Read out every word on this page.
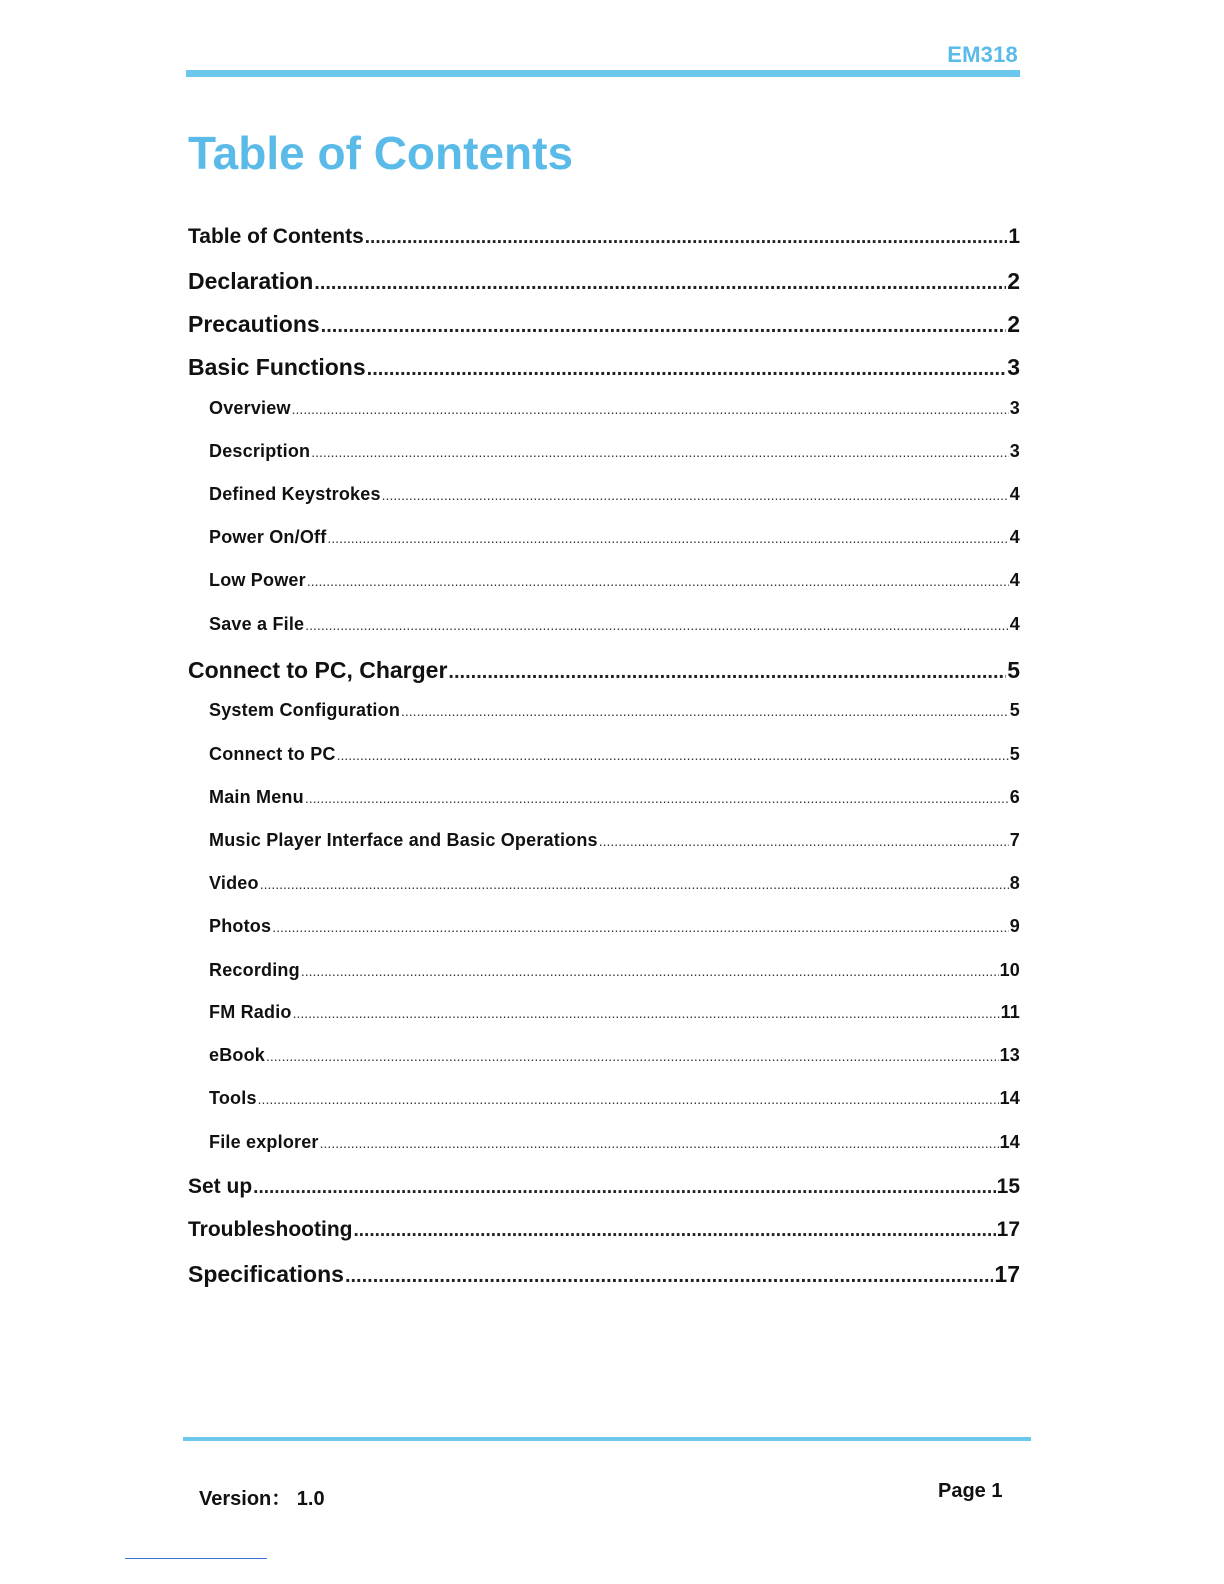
EM318
Table of Contents
Table of Contents .....	1
Declaration .....	2
Precautions .....	2
Basic Functions .....	3
Overview .....	3
Description .....	3
Defined Keystrokes .....	4
Power On/Off .....	4
Low Power .....	4
Save a File .....	4
Connect to PC, Charger .....	5
System Configuration .....	5
Connect to PC .....	5
Main Menu .....	6
Music Player Interface and Basic Operations .....	7
Video .....	8
Photos .....	9
Recording .....	10
FM Radio .....	11
eBook .....	13
Tools .....	14
File explorer .....	14
Set up .....	15
Troubleshooting .....	17
Specifications .....	17
Version： 1.0	Page 1
